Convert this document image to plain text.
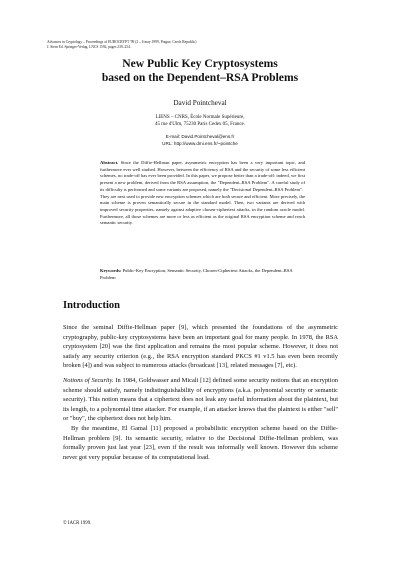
Advances in Cryptology – Proceedings of EUROCRYPT '99 (2 – 6 may 1999, Prague, Czech Republic)
J. Stern Ed. Springer-Verlag, LNCS 1592, pages 239–254.
New Public Key Cryptosystems
based on the Dependent–RSA Problems
David Pointcheval
LIENS – CNRS, École Normale Supérieure,
45 rue d'Ulm, 75230 Paris Cedex 05, France.
E-mail: David.Pointcheval@ens.fr
URL: http://www.dmi.ens.fr/~pointche

Abstract. Since the Diffie-Hellman paper, asymmetric encryption has been a very important topic, and furthermore ever well studied. However, between the efficiency of RSA and the security of some less efficient schemes, no trade-off has ever been provided. In this paper, we propose better than a trade-off: indeed, we first present a new problem, derived from the RSA assumption, the "Dependent–RSA Problem". A careful study of its difficulty is performed and some variants are proposed, namely the "Decisional Dependent–RSA Problem".

They are next used to provide new encryption schemes which are both secure and efficient. More precisely, the main scheme is proven semantically secure in the standard model. Then, two variants are derived with improved security properties, namely against adaptive chosen-ciphertext attacks, in the random oracle model. Furthermore, all those schemes are more or less as efficient as the original RSA encryption scheme and reach semantic security.

Keywords: Public-Key Encryption, Semantic Security, Chosen-Ciphertext Attacks, the Dependent–RSA Problem
Introduction

Since the seminal Diffie-Hellman paper [9], which presented the foundations of the asymmetric cryptography, public-key cryptosystems have been an important goal for many people. In 1978, the RSA cryptosystem [20] was the first application and remains the most popular scheme. However, it does not satisfy any security criterion (e.g., the RSA encryption standard PKCS #1 v1.5 has even been recently broken [4]) and was subject to numerous attacks (broadcast [13], related messages [7], etc).

Notions of Security. In 1984, Goldwasser and Micali [12] defined some security notions that an encryption scheme should satisfy, namely indistinguishability of encryptions (a.k.a. polynomial security or semantic security). This notion means that a ciphertext does not leak any useful information about the plaintext, but its length, to a polynomial time attacker. For example, if an attacker knows that the plaintext is either "sell" or "buy", the ciphertext does not help him.

By the meantime, El Gamal [11] proposed a probabilistic encryption scheme based on the Diffie-Hellman problem [9]. Its semantic security, relative to the Decisional Diffie-Hellman problem, was formally proven just last year [23], even if the result was informally well known. However this scheme never got very popular because of its computational load.

© IACR 1999.
